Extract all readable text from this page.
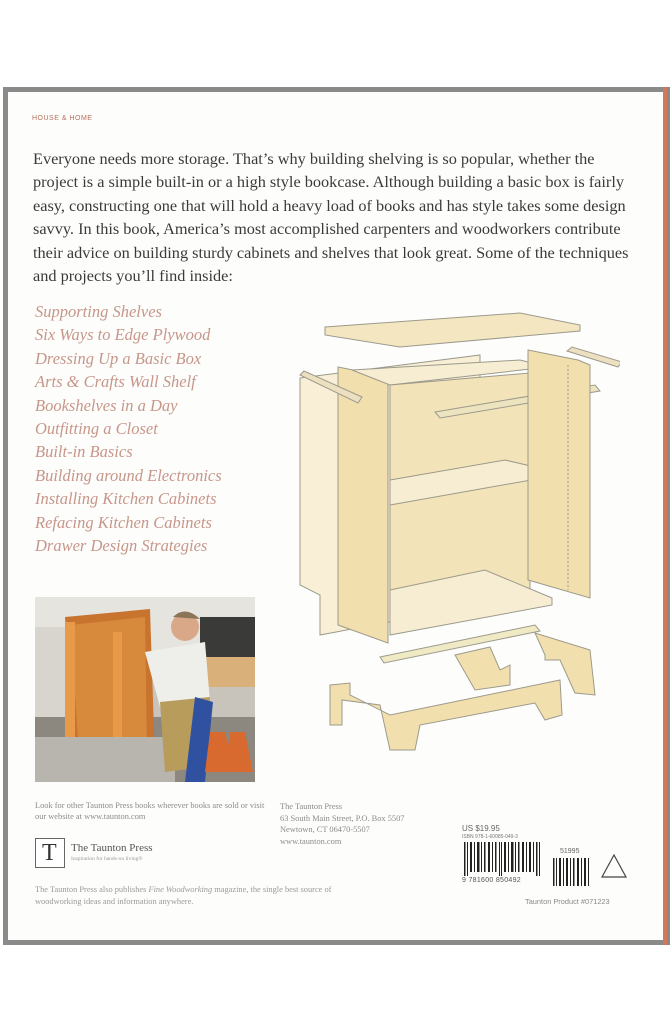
HOUSE & HOME

Everyone needs more storage. That’s why building shelving is so popular, whether the project is a simple built-in or a high style bookcase. Although building a basic box is fairly easy, constructing one that will hold a heavy load of books and has style takes some design savvy. In this book, America’s most accomplished carpenters and woodworkers contribute their advice on building sturdy cabinets and shelves that look great. Some of the techniques and projects you’ll find inside:

Supporting Shelves
Six Ways to Edge Plywood
Dressing Up a Basic Box
Arts & Crafts Wall Shelf
Bookshelves in a Day
Outfitting a Closet
Built-in Basics
Building around Electronics
Installing Kitchen Cabinets
Refacing Kitchen Cabinets
Drawer Design Strategies
Look for other Taunton Press books wherever books are sold or visit our website at www.taunton.com
T The Taunton Press
Inspiration for hands-on living®
The Taunton Press also publishes Fine Woodworking magazine, the single best source of woodworking ideas and information anywhere.
The Taunton Press
63 South Main Street, P.O. Box 5507
Newtown, CT 06470-5507
www.taunton.com
US $19.95
ISBN 978-1-60085-049-3
9 781600 850492
51995
Taunton Product #071223
